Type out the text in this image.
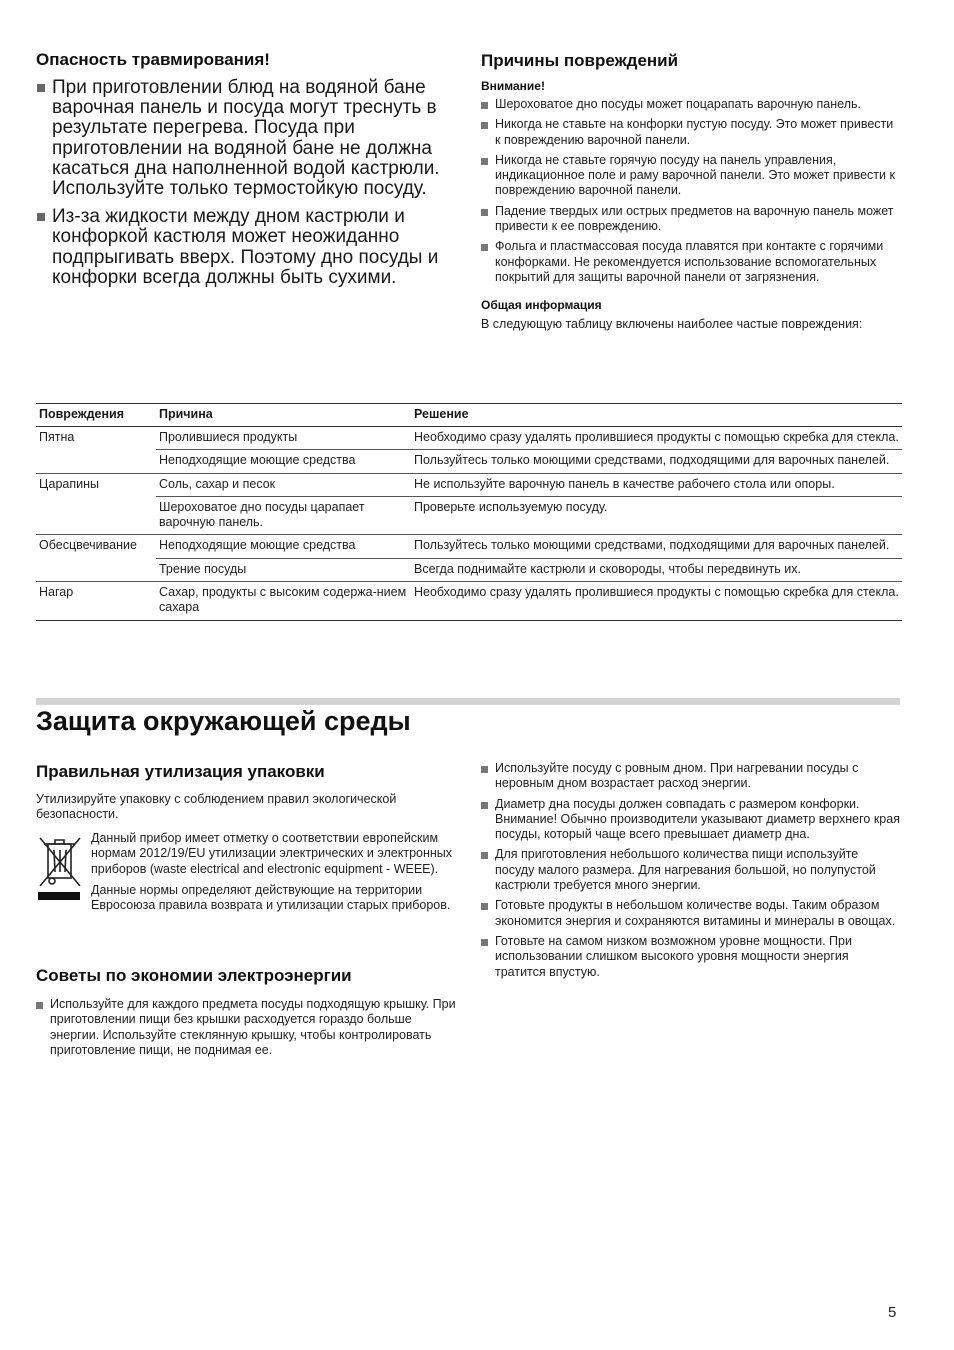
Опасность травмирования!
При приготовлении блюд на водяной бане варочная панель и посуда могут треснуть в результате перегрева. Посуда при приготовлении на водяной бане не должна касаться дна наполненной водой кастрюли. Используйте только термостойкую посуду.
Из-за жидкости между дном кастрюли и конфоркой кастюля может неожиданно подпрыгивать вверх. Поэтому дно посуды и конфорки всегда должны быть сухими.
Причины повреждений

Внимание!

Шероховатое дно посуды может поцарапать варочную панель.
Никогда не ставьте на конфорки пустую посуду. Это может привести к повреждению варочной панели.
Никогда не ставьте горячую посуду на панель управления, индикационное поле и раму варочной панели. Это может привести к повреждению варочной панели.
Падение твердых или острых предметов на варочную панель может привести к ее повреждению.
Фольга и пластмассовая посуда плавятся при контакте с горячими конфорками. Не рекомендуется использование вспомогательных покрытий для защиты варочной панели от загрязнения.

Общая информация

В следующую таблицу включены наиболее частые повреждения:

Повреждения	Причина	Решение
Пятна	Пролившиеся продукты	Необходимо сразу удалять пролившиеся продукты с помощью скребка для стекла.
	Неподходящие моющие средства	Пользуйтесь только моющими средствами, подходящими для варочных панелей.
Царапины	Соль, сахар и песок	Не используйте варочную панель в качестве рабочего стола или опоры.
	Шероховатое дно посуды царапает варочную панель.	Проверьте используемую посуду.
Обесцвечивание	Неподходящие моющие средства	Пользуйтесь только моющими средствами, подходящими для варочных панелей.
	Трение посуды	Всегда поднимайте кастрюли и сковороды, чтобы передвинуть их.
Нагар	Сахар, продукты с высоким содержа-нием сахара	Необходимо сразу удалять пролившиеся продукты с помощью скребка для стекла.
Защита окружающей среды
Правильная утилизация упаковки

Утилизируйте упаковку с соблюдением правил экологической безопасности.

Данный прибор имеет отметку о соответствии европейским нормам 2012/19/EU утилизации электрических и электронных приборов (waste electrical and electronic equipment - WEEE).

Данные нормы определяют действующие на территории Евросоюза правила возврата и утилизации старых приборов.

Советы по экономии электроэнергии
Используйте для каждого предмета посуды подходящую крышку. При приготовлении пищи без крышки расходуется гораздо больше энергии. Используйте стеклянную крышку, чтобы контролировать приготовление пищи, не поднимая ее.
Используйте посуду с ровным дном. При нагревании посуды с неровным дном возрастает расход энергии.
Диаметр дна посуды должен совпадать с размером конфорки. Внимание! Обычно производители указывают диаметр верхнего края посуды, который чаще всего превышает диаметр дна.
Для приготовления небольшого количества пищи используйте посуду малого размера. Для нагревания большой, но полупустой кастрюли требуется много энергии.
Готовьте продукты в небольшом количестве воды. Таким образом экономится энергия и сохраняются витамины и минералы в овощах.
Готовьте на самом низком возможном уровне мощности. При использовании слишком высокого уровня мощности энергия тратится впустую.
5
